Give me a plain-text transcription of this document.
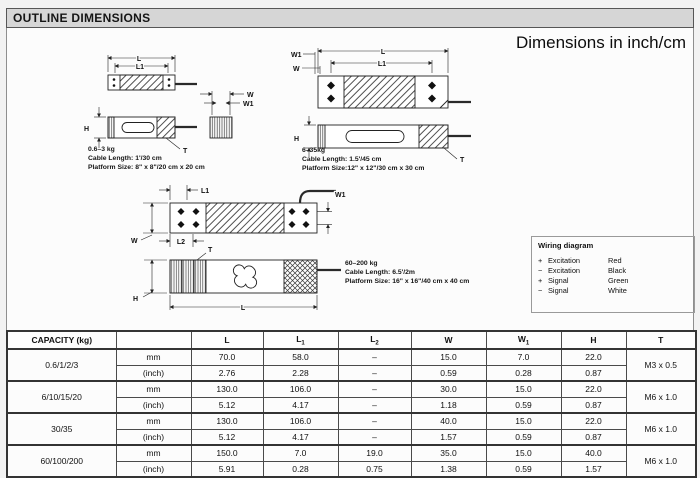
OUTLINE DIMENSIONS
Dimensions in inch/cm
L
L1
W
W1
H
T
L
L1
W1
W
H
T
L1
W1
W	L2
T
H
L
0.6–3 kg
Cable Length: 1'/30 cm
Platform Size: 8" x 8"/20 cm x 20 cm
6–35kg
Cable Length: 1.5'/45 cm
Platform Size:12" x 12"/30 cm x 30 cm
60–200 kg
Cable Length: 6.5'/2m
Platform Size: 16" x 16"/40 cm x 40 cm
Wiring diagram
+ Excitation	Red
− Excitation	Black
+ Signal	Green
− Signal	White
CAPACITY (kg)		L	$L_1$	$L_2$	W	$W_1$	H	T
0.6/1/2/3	mm	70.0	58.0	–	15.0	7.0	22.0	M3 x 0.5
	(inch)	2.76	2.28	–	0.59	0.28	0.87	
6/10/15/20	mm	130.0	106.0	–	30.0	15.0	22.0	M6 x 1.0
	(inch)	5.12	4.17	–	1.18	0.59	0.87	
30/35	mm	130.0	106.0	–	40.0	15.0	22.0	M6 x 1.0
	(inch)	5.12	4.17	–	1.57	0.59	0.87	
60/100/200	mm	150.0	7.0	19.0	35.0	15.0	40.0	M6 x 1.0
	(inch)	5.91	0.28	0.75	1.38	0.59	1.57	
